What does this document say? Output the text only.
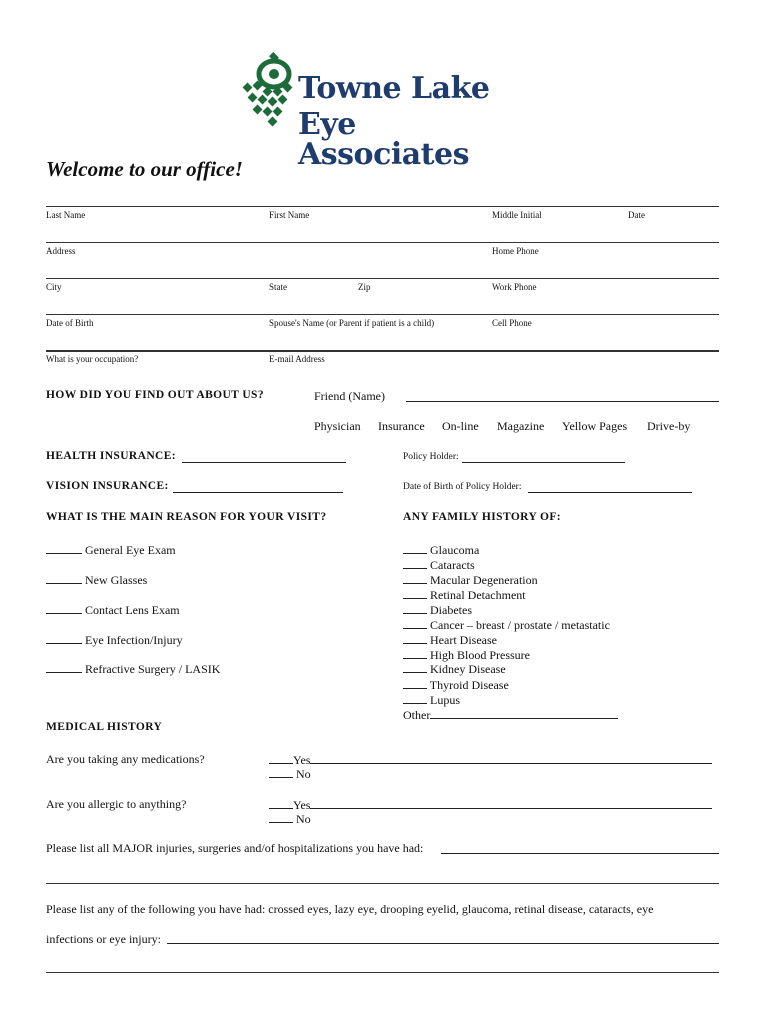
Towne Lake
Eye Associates
Welcome to our office!
Last Name	First Name	Middle Initial	Date
Address	Home Phone
City	State	Zip	Work Phone
Date of Birth	Spouse's Name (or Parent if patient is a child)	Cell Phone
What is your occupation?	E-mail Address
HOW DID YOU FIND OUT ABOUT US?	Friend (Name)
Physician Insurance On-line Magazine Yellow Pages Drive-by
HEALTH INSURANCE:	Policy Holder:
VISION INSURANCE:	Date of Birth of Policy Holder:
WHAT IS THE MAIN REASON FOR YOUR VISIT?	ANY FAMILY HISTORY OF:
General Eye Exam
New Glasses
Contact Lens Exam
Eye Infection/Injury
Refractive Surgery / LASIK
Glaucoma
Cataracts
Macular Degeneration
Retinal Detachment
Diabetes
Cancer – breast / prostate / metastatic
Heart Disease
High Blood Pressure
Kidney Disease
Thyroid Disease
Lupus
Other
MEDICAL HISTORY
Are you taking any medications?	Yes
No
Are you allergic to anything?	Yes
No
Please list all MAJOR injuries, surgeries and/of hospitalizations you have had:
Please list any of the following you have had: crossed eyes, lazy eye, drooping eyelid, glaucoma, retinal disease, cataracts, eye
infections or eye injury:
